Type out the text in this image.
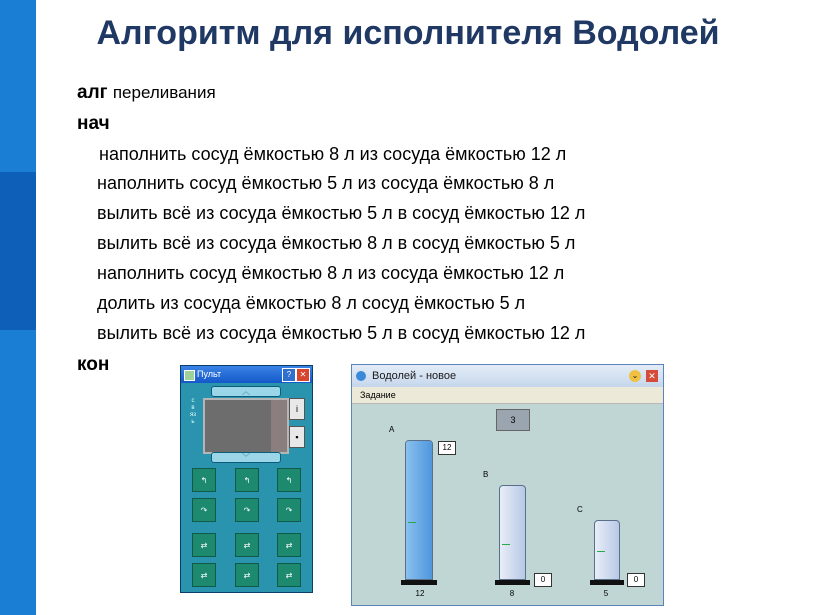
Алгоритм для исполнителя Водолей
алг переливания
нач
наполнить сосуд ёмкостью 8 л из сосуда ёмкостью 12 л
наполнить сосуд ёмкостью 5 л из сосуда ёмкостью 8 л
вылить всё из сосуда ёмкостью 5 л в сосуд ёмкостью 12 л
вылить всё из сосуда ёмкостью 8 л в сосуд ёмкостью 5 л
наполнить сосуд ёмкостью 8 л из сосуда ёмкостью 12 л
долить из сосуда ёмкостью 8 л сосуд ёмкостью 5 л
вылить всё из сосуда ёмкостью 5 л в сосуд ёмкостью 12 л
кон	Пульт	?	✕
︿
связь
i
▪
﹀
↰	↰	↰
↷	↷	↷
⇄	⇄	⇄
⇄	⇄	⇄
Водолей - новое	⌄ ✕
Задание
3
A
12
12
B
0
8
C
0
5
